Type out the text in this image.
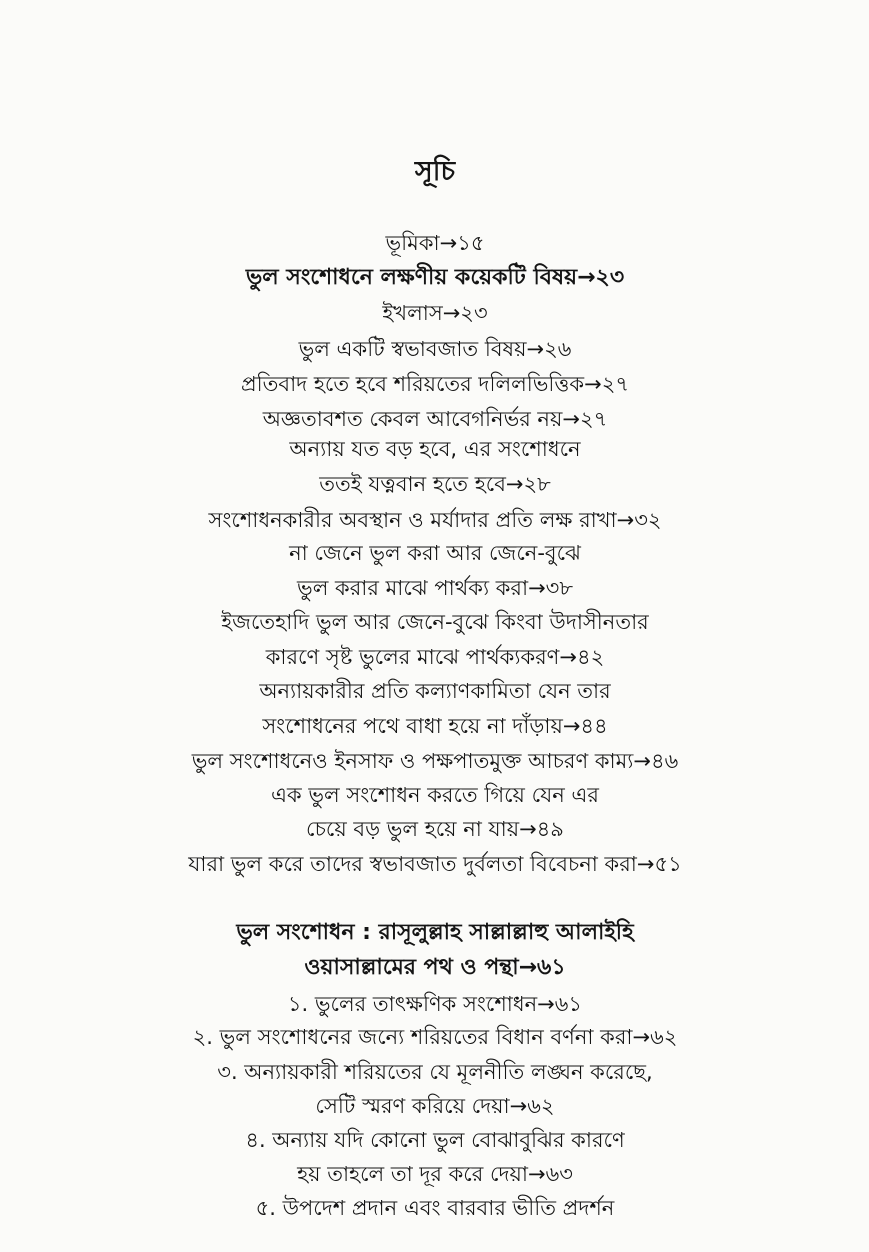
সূচি
ভূমিকা→১৫
ভুল সংশোধনে লক্ষণীয় কয়েকটি বিষয়→২৩
ইখলাস→২৩
ভুল একটি স্বভাবজাত বিষয়→২৬
প্রতিবাদ হতে হবে শরিয়তের দলিলভিত্তিক→২৭
অজ্ঞতাবশত কেবল আবেগনির্ভর নয়→২৭
অন্যায় যত বড় হবে, এর সংশোধনে
ততই যত্নবান হতে হবে→২৮
সংশোধনকারীর অবস্থান ও মর্যাদার প্রতি লক্ষ রাখা→৩২
না জেনে ভুল করা আর জেনে-বুঝে
ভুল করার মাঝে পার্থক্য করা→৩৮
ইজতেহাদি ভুল আর জেনে-বুঝে কিংবা উদাসীনতার
কারণে সৃষ্ট ভুলের মাঝে পার্থক্যকরণ→৪২
অন্যায়কারীর প্রতি কল্যাণকামিতা যেন তার
সংশোধনের পথে বাধা হয়ে না দাঁড়ায়→৪৪
ভুল সংশোধনেও ইনসাফ ও পক্ষপাতমুক্ত আচরণ কাম্য→৪৬
এক ভুল সংশোধন করতে গিয়ে যেন এর
চেয়ে বড় ভুল হয়ে না যায়→৪৯
যারা ভুল করে তাদের স্বভাবজাত দুর্বলতা বিবেচনা করা→৫১
ভুল সংশোধন : রাসূলুল্লাহ সাল্লাল্লাহু আলাইহি
ওয়াসাল্লামের পথ ও পন্থা→৬১
১. ভুলের তাৎক্ষণিক সংশোধন→৬১
২. ভুল সংশোধনের জন্যে শরিয়তের বিধান বর্ণনা করা→৬২
৩. অন্যায়কারী শরিয়তের যে মূলনীতি লঙ্ঘন করেছে,
সেটি স্মরণ করিয়ে দেয়া→৬২
৪. অন্যায় যদি কোনো ভুল বোঝাবুঝির কারণে
হয় তাহলে তা দূর করে দেয়া→৬৩
৫. উপদেশ প্রদান এবং বারবার ভীতি প্রদর্শন
